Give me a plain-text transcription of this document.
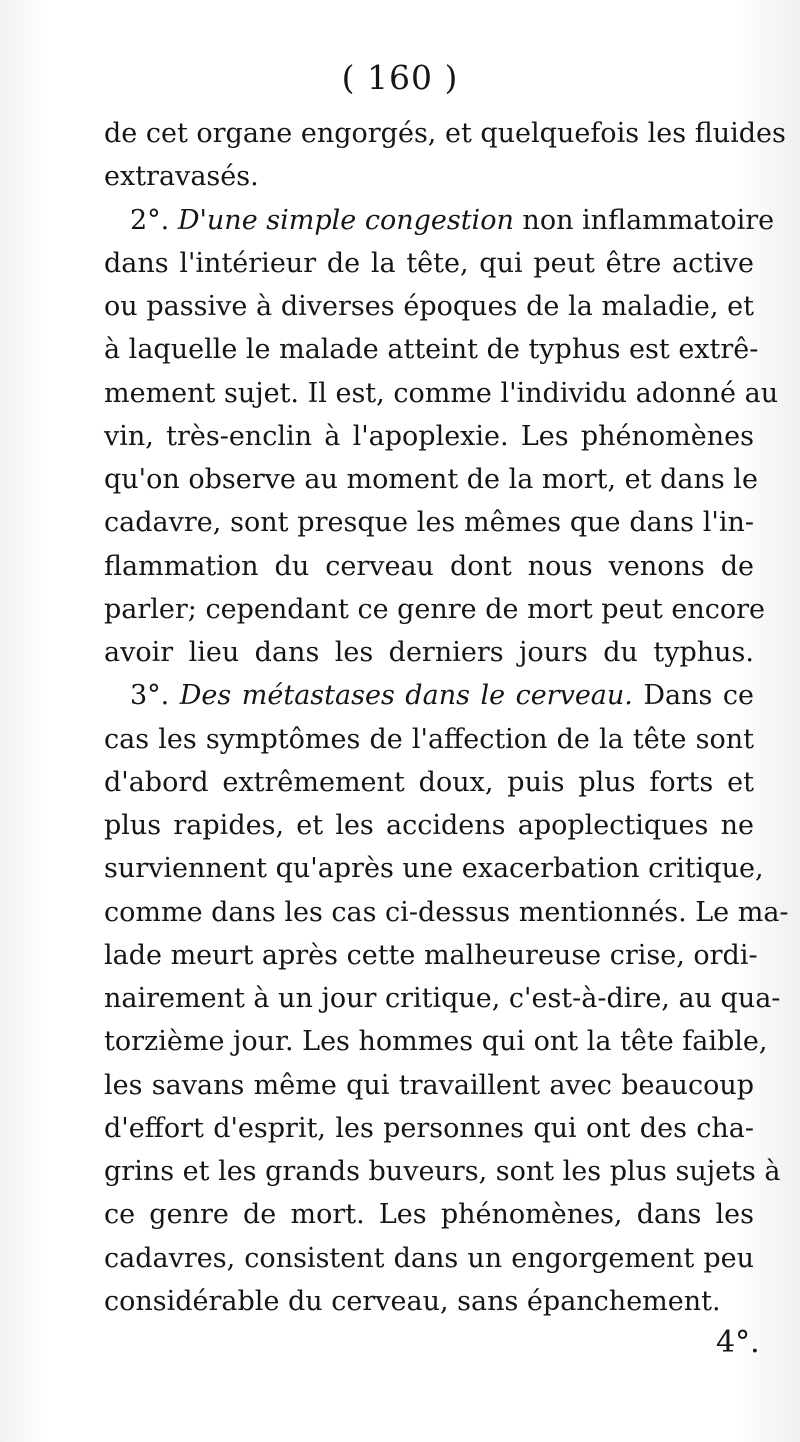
( 160 )
de cet organe engorgés, et quelquefois les fluides
extravasés.
2°. D'une simple congestion non inflammatoire
dans l'intérieur de la tête, qui peut être active
ou passive à diverses époques de la maladie, et
à laquelle le malade atteint de typhus est extrê-
mement sujet. Il est, comme l'individu adonné au
vin, très-enclin à l'apoplexie. Les phénomènes
qu'on observe au moment de la mort, et dans le
cadavre, sont presque les mêmes que dans l'in-
flammation du cerveau dont nous venons de
parler; cependant ce genre de mort peut encore
avoir lieu dans les derniers jours du typhus.
3°. Des métastases dans le cerveau. Dans ce
cas les symptômes de l'affection de la tête sont
d'abord extrêmement doux, puis plus forts et
plus rapides, et les accidens apoplectiques ne
surviennent qu'après une exacerbation critique,
comme dans les cas ci-dessus mentionnés. Le ma-
lade meurt après cette malheureuse crise, ordi-
nairement à un jour critique, c'est-à-dire, au qua-
torzième jour. Les hommes qui ont la tête faible,
les savans même qui travaillent avec beaucoup
d'effort d'esprit, les personnes qui ont des cha-
grins et les grands buveurs, sont les plus sujets à
ce genre de mort. Les phénomènes, dans les
cadavres, consistent dans un engorgement peu
considérable du cerveau, sans épanchement.
4°.
